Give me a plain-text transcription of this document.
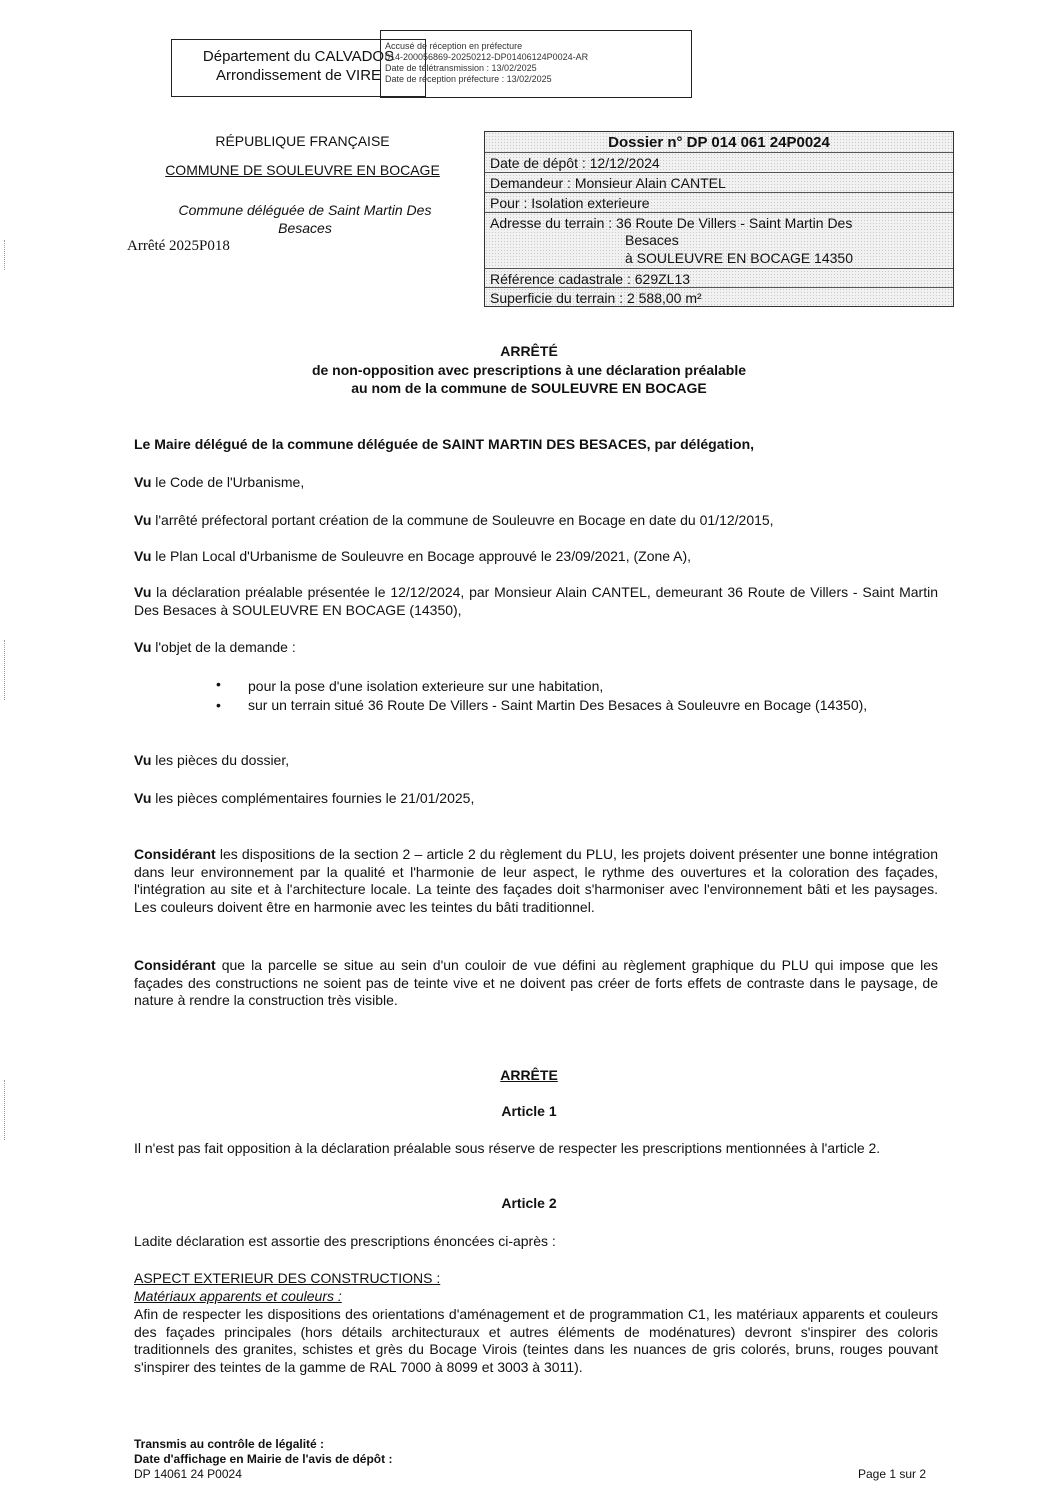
Département du CALVADOS
Arrondissement de VIRE
Accusé de réception en préfecture
014-200056869-20250212-DP01406124P0024-AR
Date de télétransmission : 13/02/2025
Date de réception préfecture : 13/02/2025
RÉPUBLIQUE FRANÇAISE
COMMUNE DE SOULEUVRE EN BOCAGE
Commune déléguée de Saint Martin Des Besaces
Arrêté 2025P018
Dossier n° DP 014 061 24P0024
Date de dépôt : 12/12/2024
Demandeur : Monsieur Alain CANTEL
Pour : Isolation exterieure
Adresse du terrain : 36 Route De Villers - Saint Martin Des
Besaces
à SOULEUVRE EN BOCAGE 14350
Référence cadastrale : 629ZL13
Superficie du terrain : 2 588,00 m²
ARRÊTÉ
de non-opposition avec prescriptions à une déclaration préalable
au nom de la commune de SOULEUVRE EN BOCAGE
Le Maire délégué de la commune déléguée de SAINT MARTIN DES BESACES, par délégation,
Vu le Code de l'Urbanisme,
Vu l'arrêté préfectoral portant création de la commune de Souleuvre en Bocage en date du 01/12/2015,
Vu le Plan Local d'Urbanisme de Souleuvre en Bocage approuvé le 23/09/2021, (Zone A),
Vu la déclaration préalable présentée le 12/12/2024, par Monsieur Alain CANTEL, demeurant 36 Route de Villers - Saint Martin Des Besaces à SOULEUVRE EN BOCAGE (14350),
Vu l'objet de la demande :
• pour la pose d'une isolation exterieure sur une habitation,
• sur un terrain situé 36 Route De Villers - Saint Martin Des Besaces à Souleuvre en Bocage (14350),
Vu les pièces du dossier,
Vu les pièces complémentaires fournies le 21/01/2025,
Considérant les dispositions de la section 2 – article 2 du règlement du PLU, les projets doivent présenter une bonne intégration dans leur environnement par la qualité et l'harmonie de leur aspect, le rythme des ouvertures et la coloration des façades, l'intégration au site et à l'architecture locale. La teinte des façades doit s'harmoniser avec l'environnement bâti et les paysages. Les couleurs doivent être en harmonie avec les teintes du bâti traditionnel.
Considérant que la parcelle se situe au sein d'un couloir de vue défini au règlement graphique du PLU qui impose que les façades des constructions ne soient pas de teinte vive et ne doivent pas créer de forts effets de contraste dans le paysage, de nature à rendre la construction très visible.
ARRÊTE
Article 1
Il n'est pas fait opposition à la déclaration préalable sous réserve de respecter les prescriptions mentionnées à l'article 2.
Article 2
Ladite déclaration est assortie des prescriptions énoncées ci-après :
ASPECT EXTERIEUR DES CONSTRUCTIONS :
Matériaux apparents et couleurs :
Afin de respecter les dispositions des orientations d'aménagement et de programmation C1, les matériaux apparents et couleurs des façades principales (hors détails architecturaux et autres éléments de modénatures) devront s'inspirer des coloris traditionnels des granites, schistes et grès du Bocage Virois (teintes dans les nuances de gris colorés, bruns, rouges pouvant s'inspirer des teintes de la gamme de RAL 7000 à 8099 et 3003 à 3011).
Transmis au contrôle de légalité :
Date d'affichage en Mairie de l'avis de dépôt :
DP 14061 24 P0024	Page 1 sur 2
